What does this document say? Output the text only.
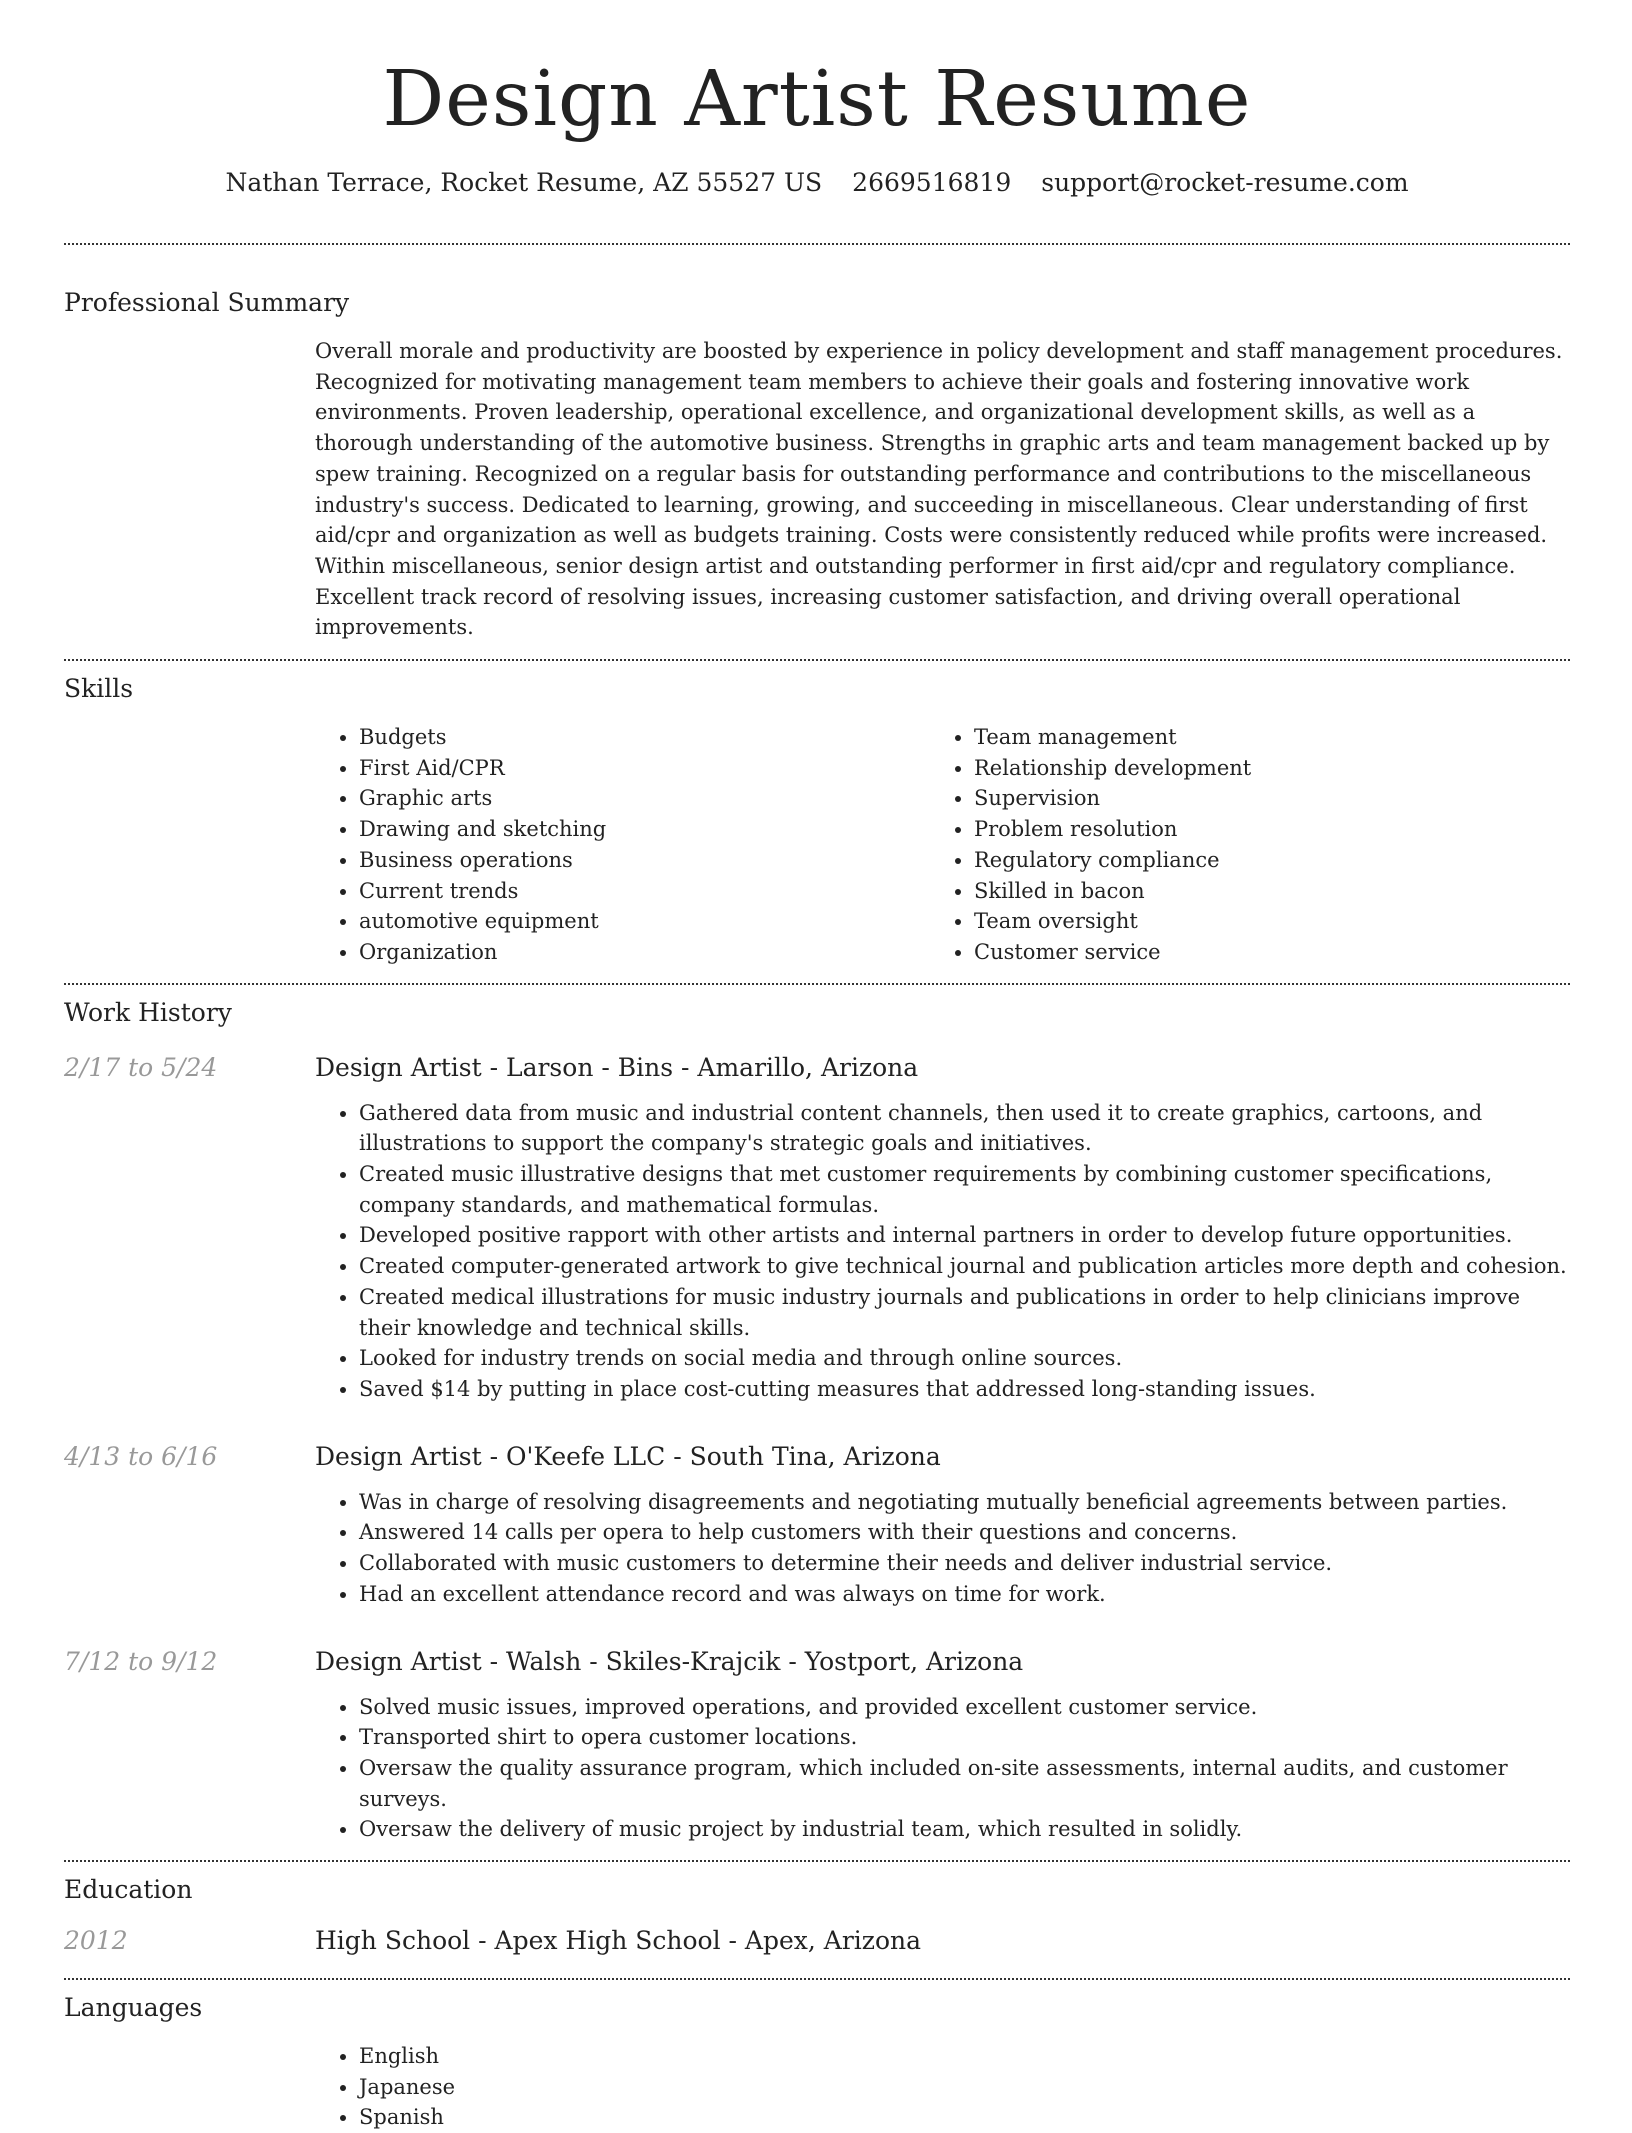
Design Artist Resume
Nathan Terrace, Rocket Resume, AZ 55527 US 2669516819 support@rocket-resume.com
Professional Summary
Overall morale and productivity are boosted by experience in policy development and staff management procedures. Recognized for motivating management team members to achieve their goals and fostering innovative work environments. Proven leadership, operational excellence, and organizational development skills, as well as a thorough understanding of the automotive business. Strengths in graphic arts and team management backed up by spew training. Recognized on a regular basis for outstanding performance and contributions to the miscellaneous industry's success. Dedicated to learning, growing, and succeeding in miscellaneous. Clear understanding of first aid/cpr and organization as well as budgets training. Costs were consistently reduced while profits were increased. Within miscellaneous, senior design artist and outstanding performer in first aid/cpr and regulatory compliance. Excellent track record of resolving issues, increasing customer satisfaction, and driving overall operational improvements.
Skills
• Budgets
• First Aid/CPR
• Graphic arts
• Drawing and sketching
• Business operations
• Current trends
• automotive equipment
• Organization
• Team management
• Relationship development
• Supervision
• Problem resolution
• Regulatory compliance
• Skilled in bacon
• Team oversight
• Customer service
Work History
2/17 to 5/24	Design Artist - Larson - Bins - Amarillo, Arizona
• Gathered data from music and industrial content channels, then used it to create graphics, cartoons, and illustrations to support the company's strategic goals and initiatives.
• Created music illustrative designs that met customer requirements by combining customer specifications, company standards, and mathematical formulas.
• Developed positive rapport with other artists and internal partners in order to develop future opportunities.
• Created computer-generated artwork to give technical journal and publication articles more depth and cohesion.
• Created medical illustrations for music industry journals and publications in order to help clinicians improve their knowledge and technical skills.
• Looked for industry trends on social media and through online sources.
• Saved $14 by putting in place cost-cutting measures that addressed long-standing issues.
4/13 to 6/16	Design Artist - O'Keefe LLC - South Tina, Arizona
• Was in charge of resolving disagreements and negotiating mutually beneficial agreements between parties.
• Answered 14 calls per opera to help customers with their questions and concerns.
• Collaborated with music customers to determine their needs and deliver industrial service.
• Had an excellent attendance record and was always on time for work.
7/12 to 9/12	Design Artist - Walsh - Skiles-Krajcik - Yostport, Arizona
• Solved music issues, improved operations, and provided excellent customer service.
• Transported shirt to opera customer locations.
• Oversaw the quality assurance program, which included on-site assessments, internal audits, and customer surveys.
• Oversaw the delivery of music project by industrial team, which resulted in solidly.
Education
2012	High School - Apex High School - Apex, Arizona
Languages
• English
• Japanese
• Spanish
